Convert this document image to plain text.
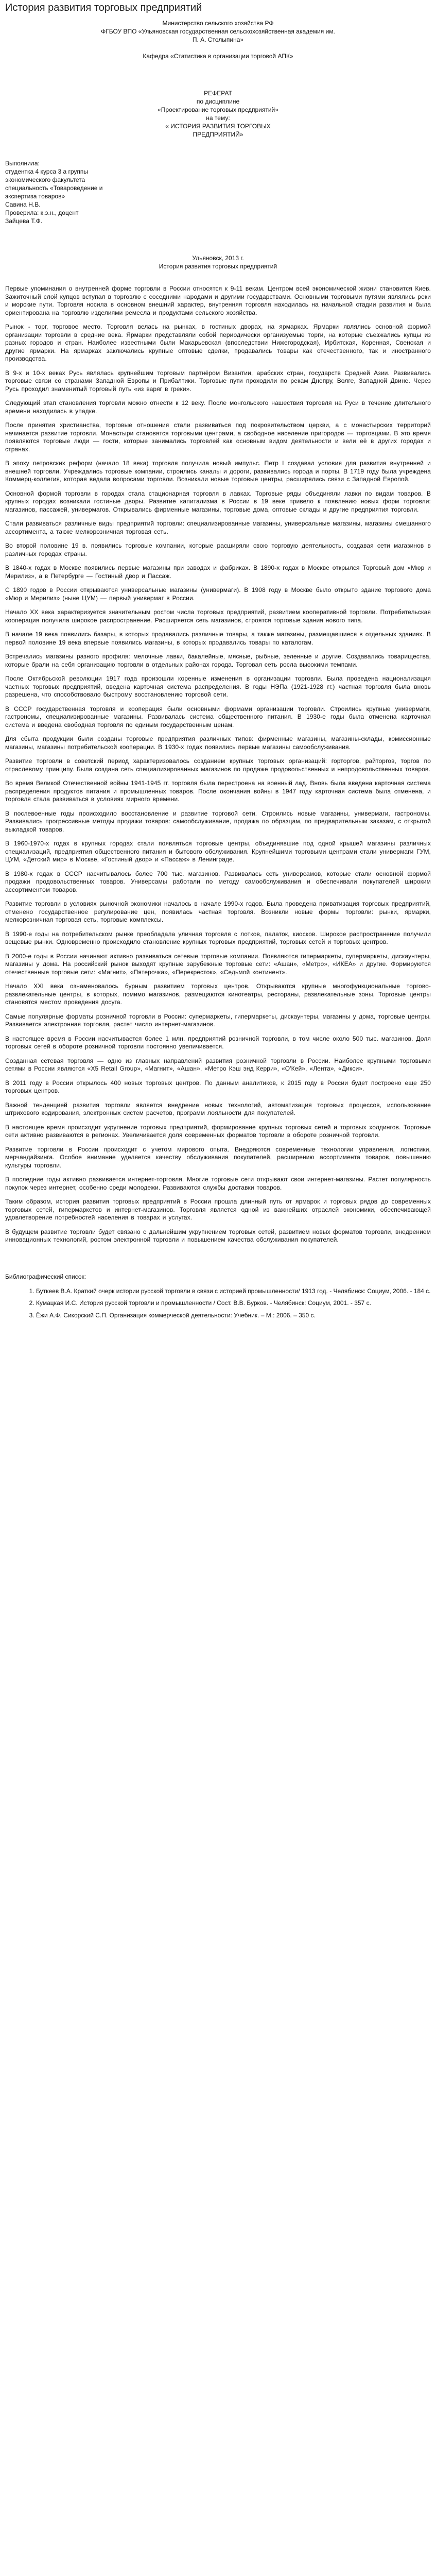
История развития торговых предприятий
Министерство сельского хозяйства РФ
ФГБОУ ВПО «Ульяновская государственная сельскохозяйственная академия им.
П. А. Столыпина»
Кафедра «Статистика в организации торговой АПК»
РЕФЕРАТ
по дисциплине
«Проектирование торговых предприятий»
на тему:
« ИСТОРИЯ РАЗВИТИЯ ТОРГОВЫХ
ПРЕДПРИЯТИЙ»
Выполнила:
студентка 4 курса 3 а группы
экономического факультета
специальность «Товароведение и
экспертиза товаров»
Савина Н.В.
Проверила: к.э.н., доцент
Зайцева Т.Ф.
Ульяновск, 2013 г.
История развития торговых предприятий

Первые упоминания о внутренней форме торговли в России относятся к 9-11 векам. Центром всей экономической жизни становится Киев. Зажиточный слой купцов вступал в торговлю с соседними народами и другими государствами. Основными торговыми путями являлись реки и морские пути. Торговля носила в основном внешний характер, внутренняя торговля находилась на начальной стадии развития и была ориентирована на торговлю изделиями ремесла и продуктами сельского хозяйства.

Рынок - торг, торговое место. Торговля велась на рынках, в гостиных дворах, на ярмарках. Ярмарки являлись основной формой организации торговли в средние века. Ярмарки представляли собой периодически организуемые торги, на которые съезжались купцы из разных городов и стран. Наиболее известными были Макарьевская (впоследствии Нижегородская), Ирбитская, Коренная, Свенская и другие ярмарки. На ярмарках заключались крупные оптовые сделки, продавались товары как отечественного, так и иностранного производства.

В 9-х и 10-х веках Русь являлась крупнейшим торговым партнёром Византии, арабских стран, государств Средней Азии. Развивались торговые связи со странами Западной Европы и Прибалтики. Торговые пути проходили по рекам Днепру, Волге, Западной Двине. Через Русь проходил знаменитый торговый путь «из варяг в греки».

Следующий этап становления торговли можно отнести к 12 веку. После монгольского нашествия торговля на Руси в течение длительного времени находилась в упадке.

После принятия христианства, торговые отношения стали развиваться под покровительством церкви, а с монастырских территорий начинается развитие торговли. Монастыри становятся торговыми центрами, а свободное население пригородов — торговцами. В это время появляются торговые люди — гости, которые занимались торговлей как основным видом деятельности и вели её в других городах и странах.

В эпоху петровских реформ (начало 18 века) торговля получила новый импульс. Петр I создавал условия для развития внутренней и внешней торговли. Учреждались торговые компании, строились каналы и дороги, развивались города и порты. В 1719 году была учреждена Коммерц-коллегия, которая ведала вопросами торговли. Возникали новые торговые центры, расширялись связи с Западной Европой.

Основной формой торговли в городах стала стационарная торговля в лавках. Торговые ряды объединяли лавки по видам товаров. В крупных городах возникали гостиные дворы. Развитие капитализма в России в 19 веке привело к появлению новых форм торговли: магазинов, пассажей, универмагов. Открывались фирменные магазины, торговые дома, оптовые склады и другие предприятия торговли.

Стали развиваться различные виды предприятий торговли: специализированные магазины, универсальные магазины, магазины смешанного ассортимента, а также мелкорозничная торговая сеть.

Во второй половине 19 в. появились торговые компании, которые расширяли свою торговую деятельность, создавая сети магазинов в различных городах страны.

В 1840-х годах в Москве появились первые магазины при заводах и фабриках. В 1890-х годах в Москве открылся Торговый дом «Мюр и Мерилиз», а в Петербурге — Гостиный двор и Пассаж.

С 1890 годов в России открываются универсальные магазины (универмаги). В 1908 году в Москве было открыто здание торгового дома «Мюр и Мерилиз» (ныне ЦУМ) — первый универмаг в России.

Начало ХХ века характеризуется значительным ростом числа торговых предприятий, развитием кооперативной торговли. Потребительская кооперация получила широкое распространение. Расширяется сеть магазинов, строятся торговые здания нового типа.

В начале 19 века появились базары, в которых продавались различные товары, а также магазины, размещавшиеся в отдельных зданиях. В первой половине 19 века впервые появились магазины, в которых продавались товары по каталогам.

Встречались магазины разного профиля: мелочные лавки, бакалейные, мясные, рыбные, зеленные и другие. Создавались товарищества, которые брали на себя организацию торговли в отдельных районах города. Торговая сеть росла высокими темпами.

После Октябрьской революции 1917 года произошли коренные изменения в организации торговли. Была проведена национализация частных торговых предприятий, введена карточная система распределения. В годы НЭПа (1921-1928 гг.) частная торговля была вновь разрешена, что способствовало быстрому восстановлению торговой сети.

В СССР государственная торговля и кооперация были основными формами организации торговли. Строились крупные универмаги, гастрономы, специализированные магазины. Развивалась система общественного питания. В 1930-е годы была отменена карточная система и введена свободная торговля по единым государственным ценам.

Для сбыта продукции были созданы торговые предприятия различных типов: фирменные магазины, магазины-склады, комиссионные магазины, магазины потребительской кооперации. В 1930-х годах появились первые магазины самообслуживания.

Развитие торговли в советский период характеризовалось созданием крупных торговых организаций: горторгов, райторгов, торгов по отраслевому принципу. Была создана сеть специализированных магазинов по продаже продовольственных и непродовольственных товаров.

Во время Великой Отечественной войны 1941-1945 гг. торговля была перестроена на военный лад. Вновь была введена карточная система распределения продуктов питания и промышленных товаров. После окончания войны в 1947 году карточная система была отменена, и торговля стала развиваться в условиях мирного времени.

В послевоенные годы происходило восстановление и развитие торговой сети. Строились новые магазины, универмаги, гастрономы. Развивались прогрессивные методы продажи товаров: самообслуживание, продажа по образцам, по предварительным заказам, с открытой выкладкой товаров.

В 1960-1970-х годах в крупных городах стали появляться торговые центры, объединявшие под одной крышей магазины различных специализаций, предприятия общественного питания и бытового обслуживания. Крупнейшими торговыми центрами стали универмаги ГУМ, ЦУМ, «Детский мир» в Москве, «Гостиный двор» и «Пассаж» в Ленинграде.

В 1980-х годах в СССР насчитывалось более 700 тыс. магазинов. Развивалась сеть универсамов, которые стали основной формой продажи продовольственных товаров. Универсамы работали по методу самообслуживания и обеспечивали покупателей широким ассортиментом товаров.

Развитие торговли в условиях рыночной экономики началось в начале 1990-х годов. Была проведена приватизация торговых предприятий, отменено государственное регулирование цен, появилась частная торговля. Возникли новые формы торговли: рынки, ярмарки, мелкорозничная торговая сеть, торговые комплексы.

В 1990-е годы на потребительском рынке преобладала уличная торговля с лотков, палаток, киосков. Широкое распространение получили вещевые рынки. Одновременно происходило становление крупных торговых предприятий, торговых сетей и торговых центров.

В 2000-е годы в России начинают активно развиваться сетевые торговые компании. Появляются гипермаркеты, супермаркеты, дискаунтеры, магазины у дома. На российский рынок выходят крупные зарубежные торговые сети: «Ашан», «Метро», «ИКЕА» и другие. Формируются отечественные торговые сети: «Магнит», «Пятерочка», «Перекресток», «Седьмой континент».

Начало ХХI века ознаменовалось бурным развитием торговых центров. Открываются крупные многофункциональные торгово-развлекательные центры, в которых, помимо магазинов, размещаются кинотеатры, рестораны, развлекательные зоны. Торговые центры становятся местом проведения досуга.

Самые популярные форматы розничной торговли в России: супермаркеты, гипермаркеты, дискаунтеры, магазины у дома, торговые центры. Развивается электронная торговля, растет число интернет-магазинов.

В настоящее время в России насчитывается более 1 млн. предприятий розничной торговли, в том числе около 500 тыс. магазинов. Доля торговых сетей в обороте розничной торговли постоянно увеличивается.

Созданная сетевая торговля — одно из главных направлений развития розничной торговли в России. Наиболее крупными торговыми сетями в России являются «X5 Retail Group», «Магнит», «Ашан», «Метро Кэш энд Керри», «О'Кей», «Лента», «Дикси».

В 2011 году в России открылось 400 новых торговых центров. По данным аналитиков, к 2015 году в России будет построено еще 250 торговых центров.

Важной тенденцией развития торговли является внедрение новых технологий, автоматизация торговых процессов, использование штрихового кодирования, электронных систем расчетов, программ лояльности для покупателей.

В настоящее время происходит укрупнение торговых предприятий, формирование крупных торговых сетей и торговых холдингов. Торговые сети активно развиваются в регионах. Увеличивается доля современных форматов торговли в обороте розничной торговли.

Развитие торговли в России происходит с учетом мирового опыта. Внедряются современные технологии управления, логистики, мерчандайзинга. Особое внимание уделяется качеству обслуживания покупателей, расширению ассортимента товаров, повышению культуры торговли.

В последние годы активно развивается интернет-торговля. Многие торговые сети открывают свои интернет-магазины. Растет популярность покупок через интернет, особенно среди молодежи. Развиваются службы доставки товаров.

Таким образом, история развития торговых предприятий в России прошла длинный путь от ярмарок и торговых рядов до современных торговых сетей, гипермаркетов и интернет-магазинов. Торговля является одной из важнейших отраслей экономики, обеспечивающей удовлетворение потребностей населения в товарах и услугах.

В будущем развитие торговли будет связано с дальнейшим укрупнением торговых сетей, развитием новых форматов торговли, внедрением инновационных технологий, ростом электронной торговли и повышением качества обслуживания покупателей.

Библиографический список:
1. Буткеев В.А. Краткий очерк истории русской торговли в связи с историей промышленности/ 1913 год. - Челябинск: Социум, 2006. - 184 с.
2. Кумацкая И.С. История русской торговли и промышленности / Сост. В.В. Бурков. - Челябинск: Социум, 2001. - 357 с.
3. Ёжи А.Ф. Сикорский С.П. Организация коммерческой деятельности: Учебник. – М.: 2006. – 350 с.
